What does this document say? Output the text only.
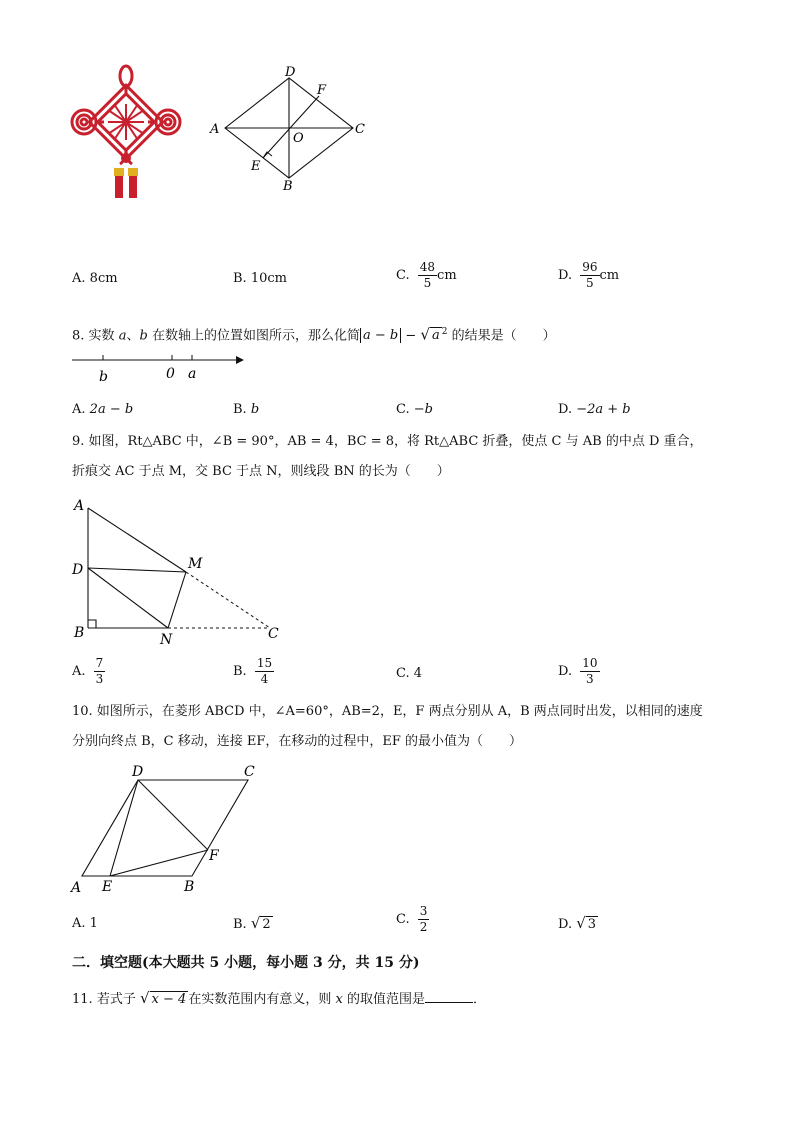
D
F
A
O
C
E
B
A. 8cm	B. 10cm	C. $\frac{48}{5}$ cm	D. $\frac{96}{5}$ cm
8. 实数 a、b 在数轴上的位置如图所示，那么化简 a − b − √ a $^2$ 的结果是（　　）
b	0 a
A. 2a − b	B. b	C. −b	D. −2a + b
9. 如图，Rt△ABC 中，∠B = 90°，AB = 4，BC = 8，将 Rt△ABC 折叠，使点 C 与 AB 的中点 D 重合，
折痕交 AC 于点 M，交 BC 于点 N，则线段 BN 的长为（　　）
A
D	M
B	N	C
A. $\frac{7}{3}$	B. $\frac{15}{4}$	C. 4	D. $\frac{10}{3}$
10. 如图所示，在菱形 ABCD 中，∠A=60°，AB=2，E，F 两点分别从 A，B 两点同时出发，以相同的速度
分别向终点 B，C 移动，连接 EF，在移动的过程中，EF 的最小值为（　　）
D	C
F
A E	B
A. 1	B. √ 2	C. $\frac{3}{2}$	D. √ 3
二．填空题(本大题共 5 小题，每小题 3 分，共 15 分)
11. 若式子 √ x − 4 在实数范围内有意义，则 x 的取值范围是	．
